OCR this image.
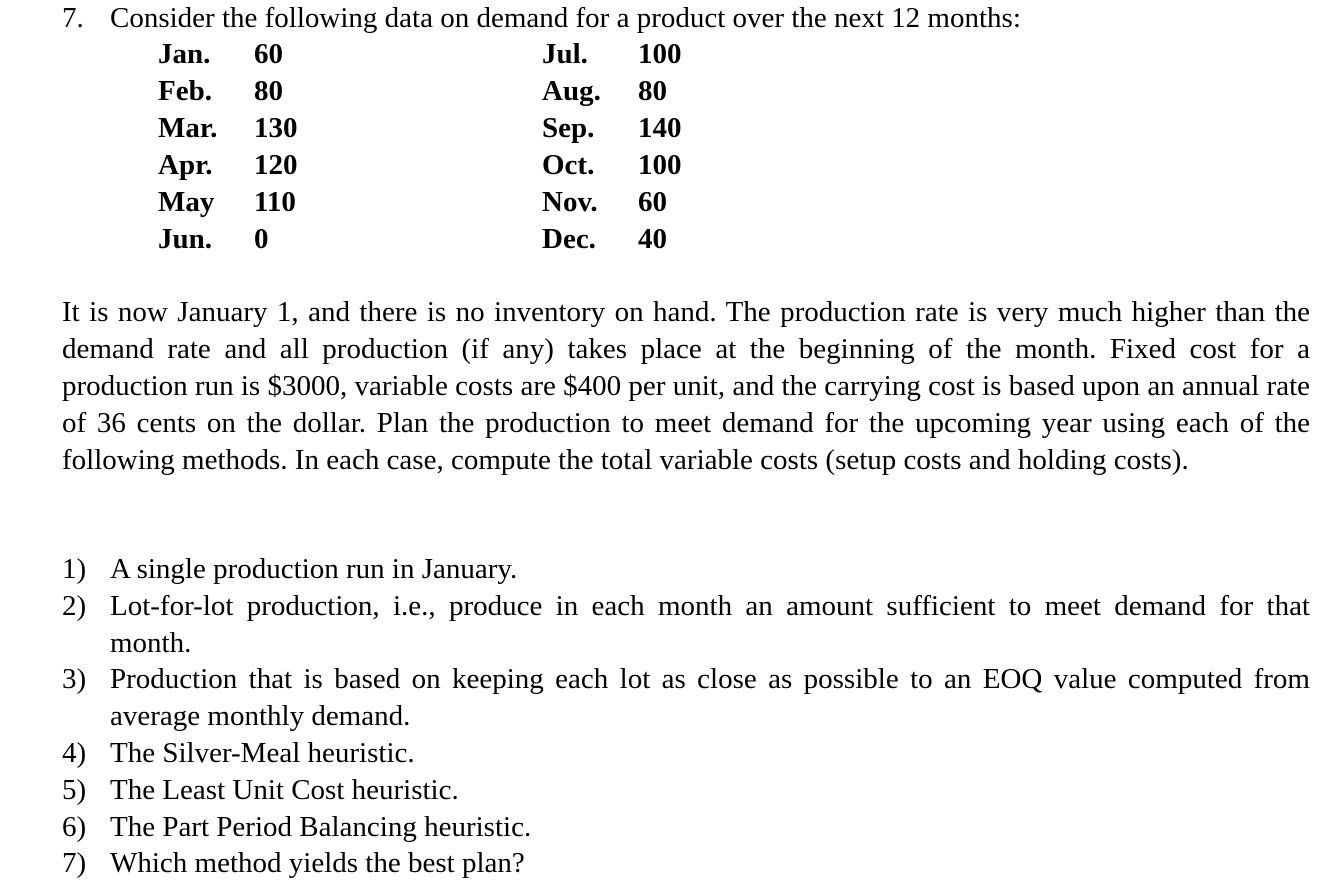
7. Consider the following data on demand for a product over the next 12 months:
Jan. 60
Feb. 80
Mar. 130
Apr. 120
May 110
Jun. 0
Jul. 100
Aug. 80
Sep. 140
Oct. 100
Nov. 60
Dec. 40
It is now January 1, and there is no inventory on hand. The production rate is very much higher than the demand rate and all production (if any) takes place at the beginning of the month. Fixed cost for a production run is $3000, variable costs are $400 per unit, and the carrying cost is based upon an annual rate of 36 cents on the dollar. Plan the production to meet demand for the upcoming year using each of the following methods. In each case, compute the total variable costs (setup costs and holding costs).
1) A single production run in January.
2) Lot-for-lot production, i.e., produce in each month an amount sufficient to meet demand for that month.
3) Production that is based on keeping each lot as close as possible to an EOQ value computed from average monthly demand.
4) The Silver-Meal heuristic.
5) The Least Unit Cost heuristic.
6) The Part Period Balancing heuristic.
7) Which method yields the best plan?
